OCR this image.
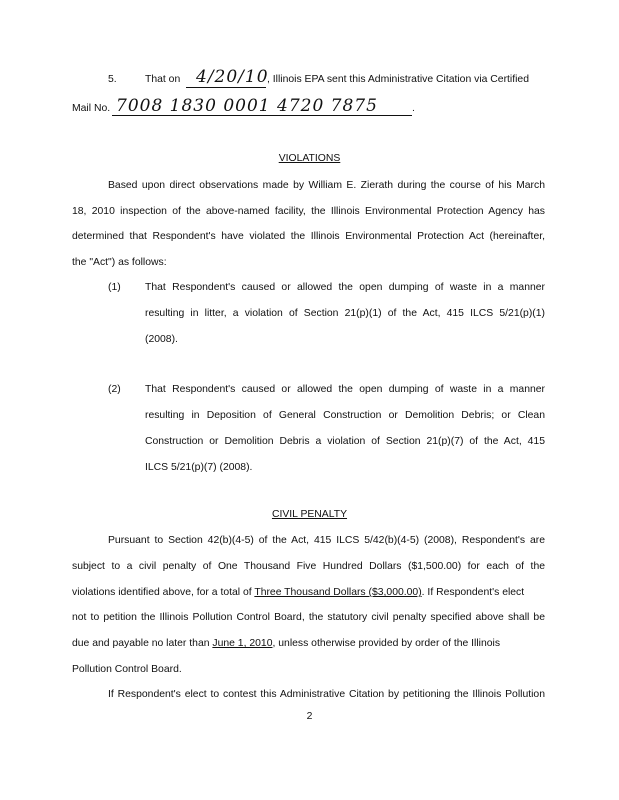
5.	That on 4/20/10
, Illinois EPA sent this Administrative Citation via Certified
Mail No. 7008 1830 0001 4720 7875	.
VIOLATIONS
Based upon direct observations made by William E. Zierath during the course of his March
18, 2010 inspection of the above-named facility, the Illinois Environmental Protection Agency has
determined that Respondent's have violated the Illinois Environmental Protection Act (hereinafter,
the "Act") as follows:
(1) That Respondent's caused or allowed the open dumping of waste in a manner
resulting in litter, a violation of Section 21(p)(1) of the Act, 415 ILCS 5/21(p)(1)
(2008).
(2) That Respondent's caused or allowed the open dumping of waste in a manner
resulting in Deposition of General Construction or Demolition Debris; or Clean
Construction or Demolition Debris a violation of Section 21(p)(7) of the Act, 415
ILCS 5/21(p)(7) (2008).
CIVIL PENALTY
Pursuant to Section 42(b)(4-5) of the Act, 415 ILCS 5/42(b)(4-5) (2008), Respondent's are
subject to a civil penalty of One Thousand Five Hundred Dollars ($1,500.00) for each of the
violations identified above, for a total of Three Thousand Dollars ($3,000.00). If Respondent's elect
not to petition the Illinois Pollution Control Board, the statutory civil penalty specified above shall be
due and payable no later than June 1, 2010, unless otherwise provided by order of the Illinois
Pollution Control Board.
If Respondent's elect to contest this Administrative Citation by petitioning the Illinois Pollution
2
